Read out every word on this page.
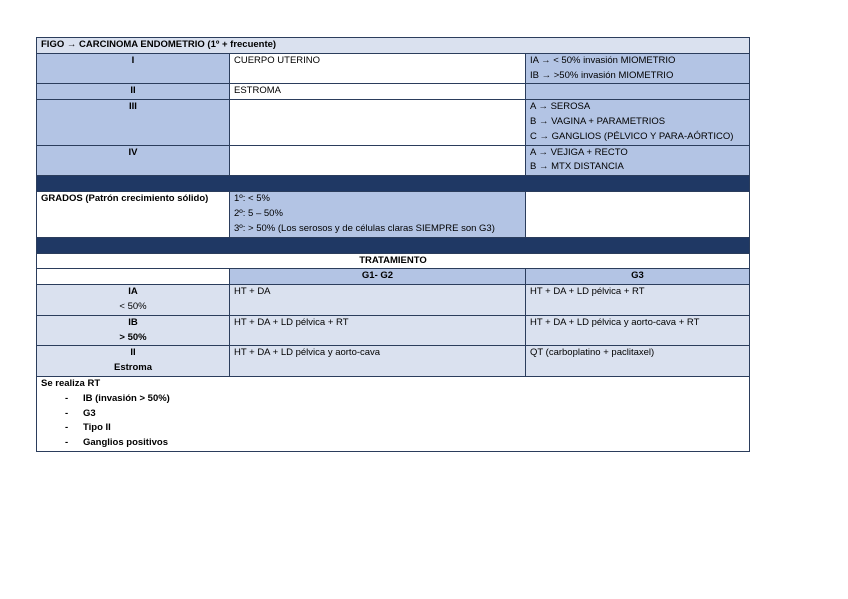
FIGO → CARCINOMA ENDOMETRIO (1º + frecuente)		
I	CUERPO UTERINO	IA → < 50% invasión MIOMETRIO
IB → >50% invasión MIOMETRIO

II	ESTROMA	
III		A → SEROSA
B → VAGINA + PARAMETRIOS
C → GANGLIOS (PÉLVICO Y PARA-AÓRTICO)

IV		A → VEJIGA + RECTO
B → MTX DISTANCIA

GRADOS (Patrón crecimiento sólido)	1º: < 5%
2º: 5 – 50%
3º: > 50% (Los serosos y de células claras SIEMPRE son G3)	

TRATAMIENTO		
	G1- G2	G3

IA
< 50%	HT + DA	HT + DA + LD pélvica + RT

IB
> 50%	HT + DA + LD pélvica + RT	HT + DA + LD pélvica y aorto-cava + RT

II
Estroma	HT + DA + LD pélvica y aorto-cava	QT (carboplatino + paclitaxel)

Se realiza RT
- IB (invasión > 50%)
- G3
- Tipo II
- Ganglios positivos		
